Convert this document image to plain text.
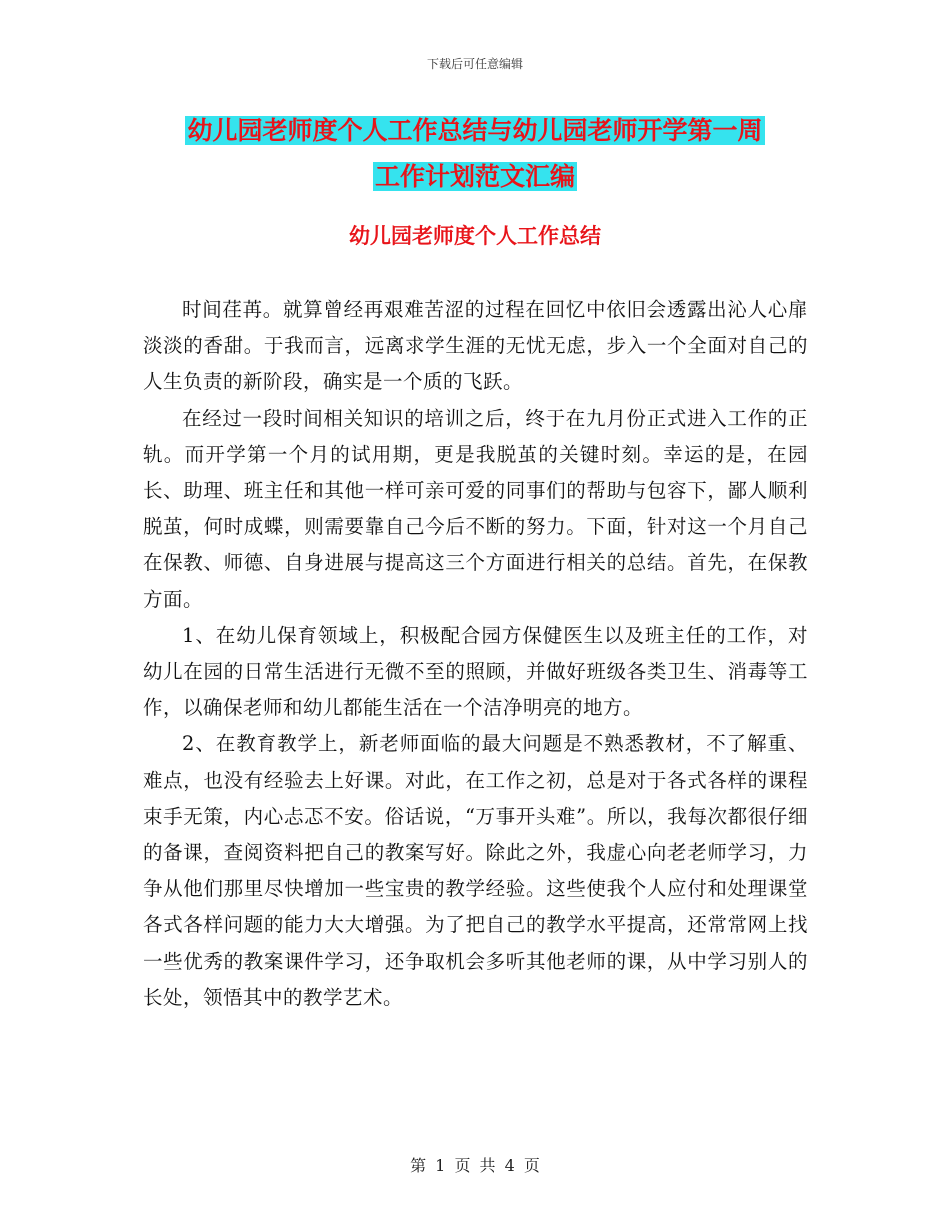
下载后可任意编辑
幼儿园老师度个人工作总结与幼儿园老师开学第一周
工作计划范文汇编
幼儿园老师度个人工作总结

时间荏苒。就算曾经再艰难苦涩的过程在回忆中依旧会透露出沁人心扉淡淡的香甜。于我而言，远离求学生涯的无忧无虑，步入一个全面对自己的人生负责的新阶段，确实是一个质的飞跃。

在经过一段时间相关知识的培训之后，终于在九月份正式进入工作的正轨。而开学第一个月的试用期，更是我脱茧的关键时刻。幸运的是，在园长、助理、班主任和其他一样可亲可爱的同事们的帮助与包容下，鄙人顺利脱茧，何时成蝶，则需要靠自己今后不断的努力。下面，针对这一个月自己在保教、师德、自身进展与提高这三个方面进行相关的总结。首先，在保教方面。

1、在幼儿保育领域上，积极配合园方保健医生以及班主任的工作，对幼儿在园的日常生活进行无微不至的照顾，并做好班级各类卫生、消毒等工作，以确保老师和幼儿都能生活在一个洁净明亮的地方。

2、在教育教学上，新老师面临的最大问题是不熟悉教材，不了解重、难点，也没有经验去上好课。对此，在工作之初，总是对于各式各样的课程束手无策，内心忐忑不安。俗话说，“万事开头难”。所以，我每次都很仔细的备课，查阅资料把自己的教案写好。除此之外，我虚心向老老师学习，力争从他们那里尽快增加一些宝贵的教学经验。这些使我个人应付和处理课堂各式各样问题的能力大大增强。为了把自己的教学水平提高，还常常网上找一些优秀的教案课件学习，还争取机会多听其他老师的课，从中学习别人的长处，领悟其中的教学艺术。

第 1 页 共 4 页
